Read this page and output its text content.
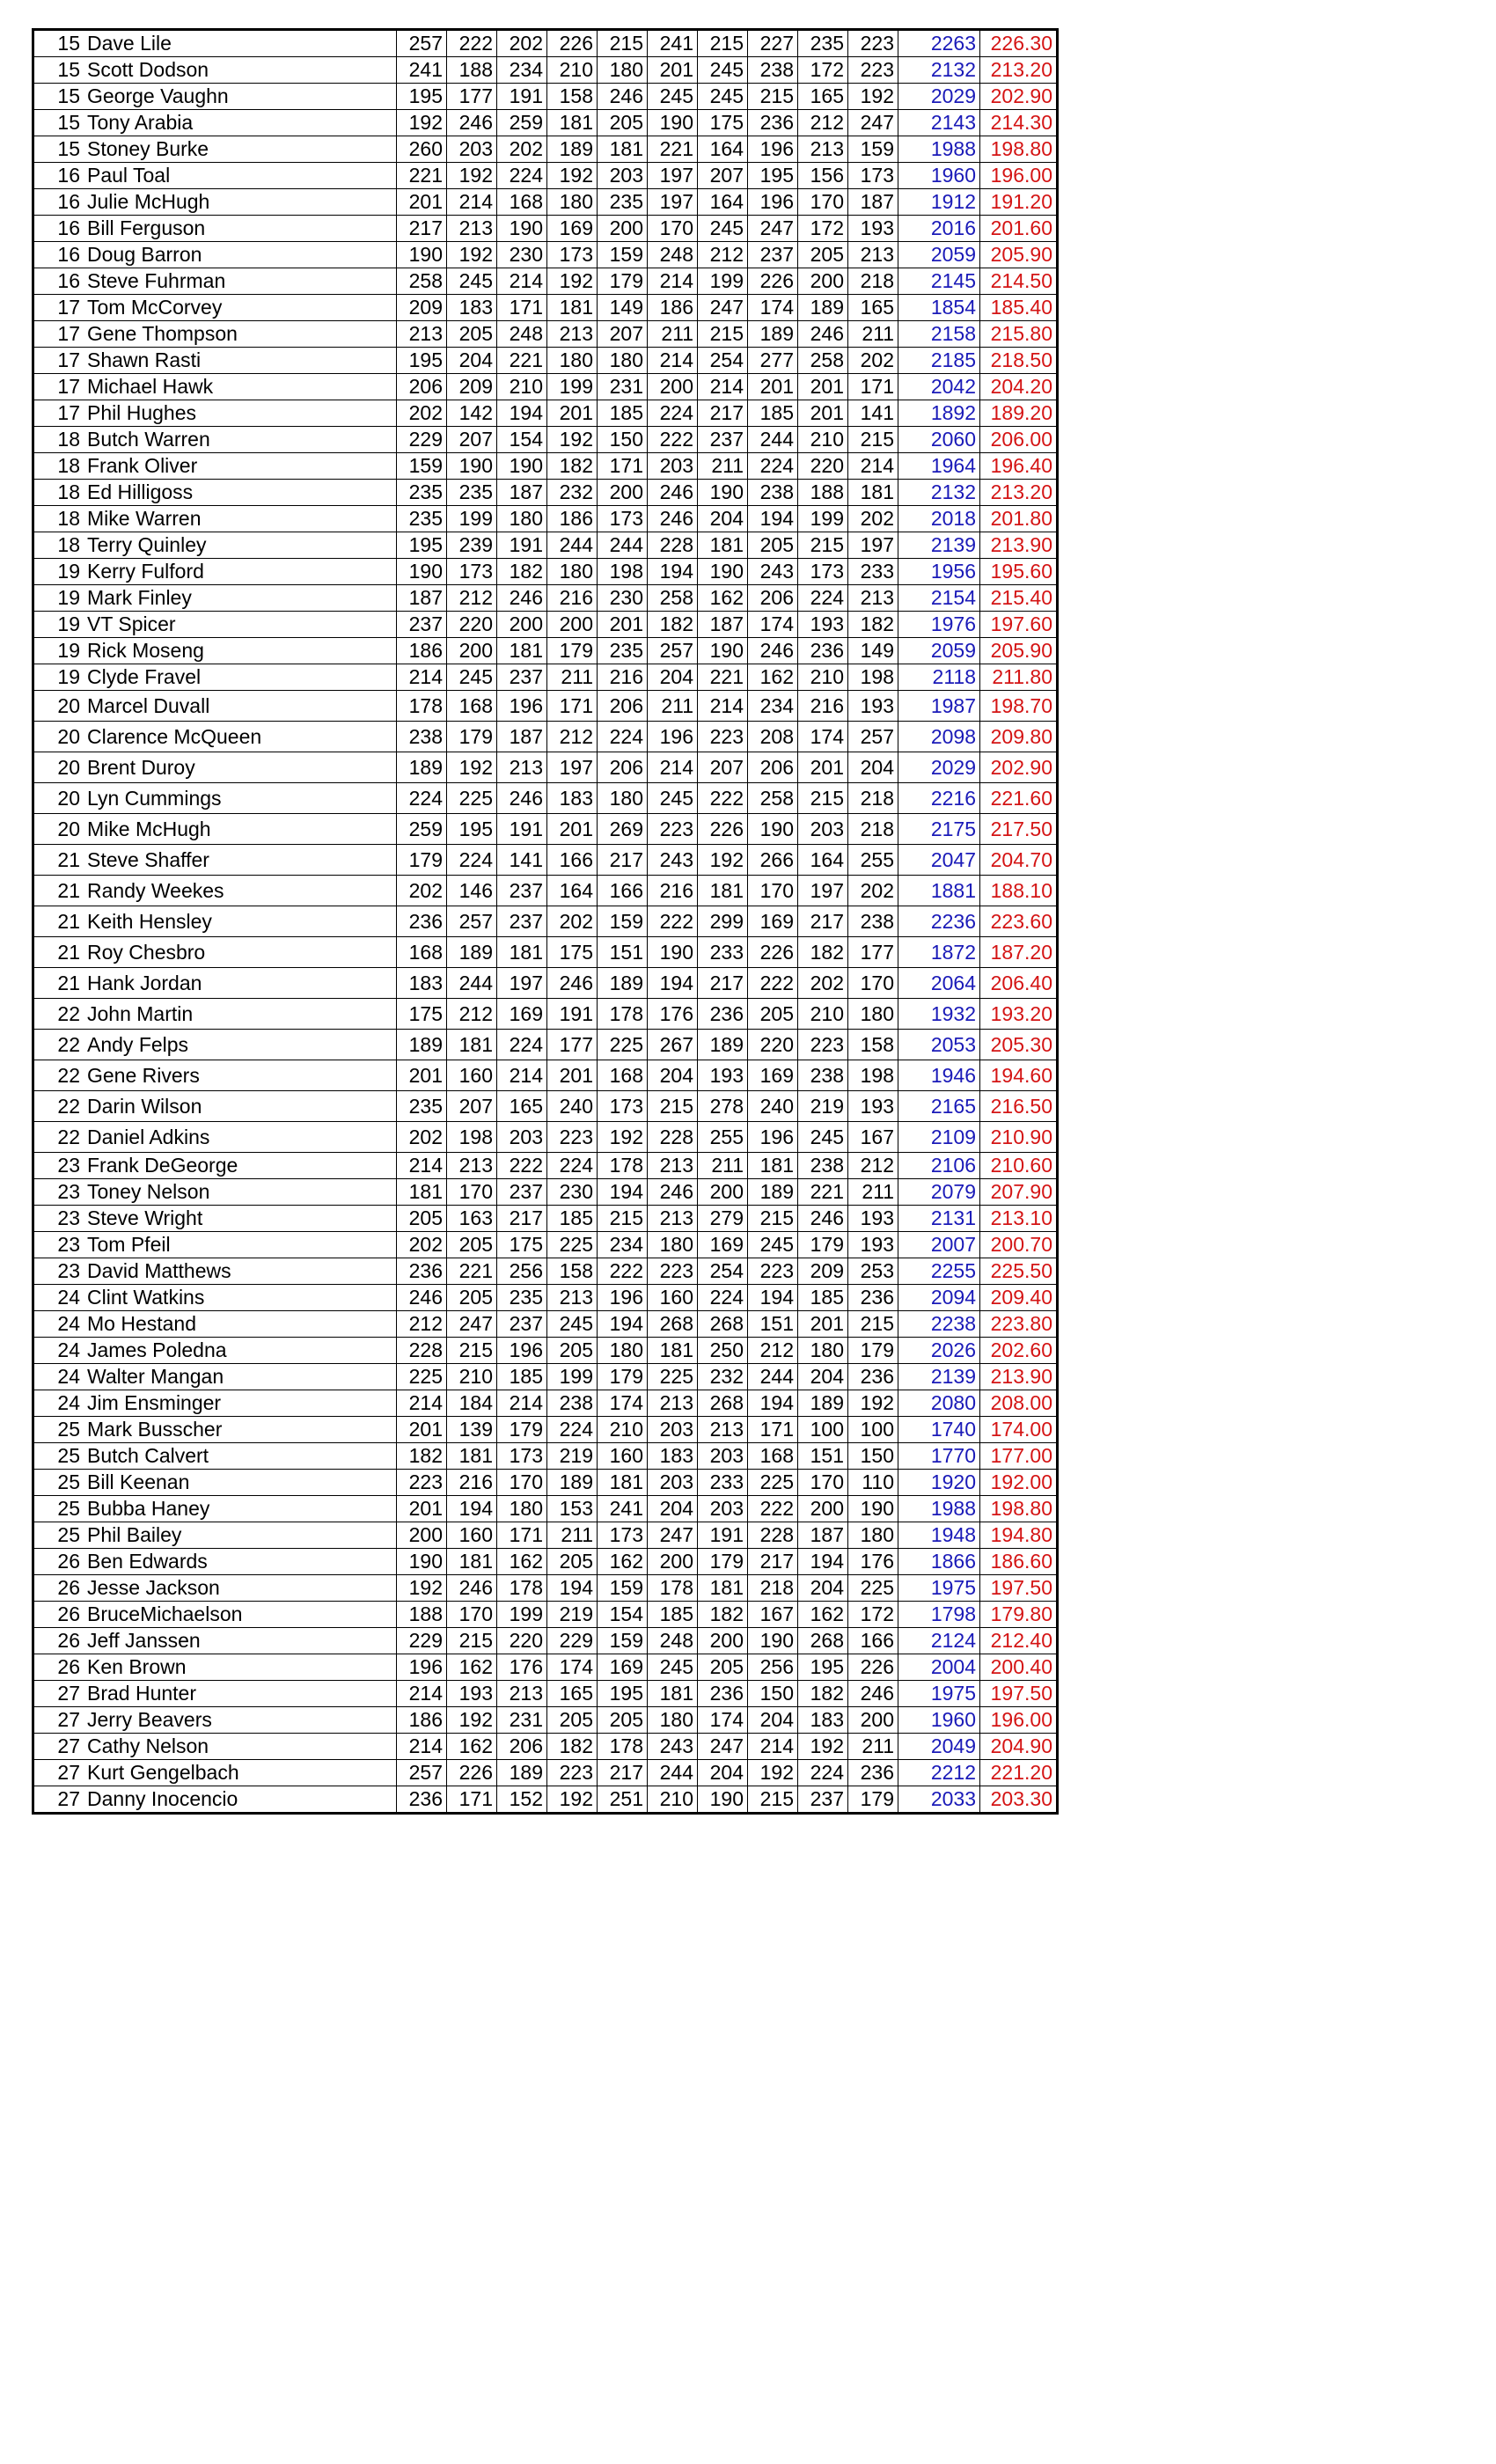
15	Dave Lile	257	222	202	226	215	241	215	227	235	223	2263	226.30
15	Scott Dodson	241	188	234	210	180	201	245	238	172	223	2132	213.20
15	George Vaughn	195	177	191	158	246	245	245	215	165	192	2029	202.90
15	Tony Arabia	192	246	259	181	205	190	175	236	212	247	2143	214.30
15	Stoney Burke	260	203	202	189	181	221	164	196	213	159	1988	198.80
16	Paul Toal	221	192	224	192	203	197	207	195	156	173	1960	196.00
16	Julie McHugh	201	214	168	180	235	197	164	196	170	187	1912	191.20
16	Bill Ferguson	217	213	190	169	200	170	245	247	172	193	2016	201.60
16	Doug Barron	190	192	230	173	159	248	212	237	205	213	2059	205.90
16	Steve Fuhrman	258	245	214	192	179	214	199	226	200	218	2145	214.50
17	Tom McCorvey	209	183	171	181	149	186	247	174	189	165	1854	185.40
17	Gene Thompson	213	205	248	213	207	211	215	189	246	211	2158	215.80
17	Shawn Rasti	195	204	221	180	180	214	254	277	258	202	2185	218.50
17	Michael Hawk	206	209	210	199	231	200	214	201	201	171	2042	204.20
17	Phil Hughes	202	142	194	201	185	224	217	185	201	141	1892	189.20
18	Butch Warren	229	207	154	192	150	222	237	244	210	215	2060	206.00
18	Frank Oliver	159	190	190	182	171	203	211	224	220	214	1964	196.40
18	Ed Hilligoss	235	235	187	232	200	246	190	238	188	181	2132	213.20
18	Mike Warren	235	199	180	186	173	246	204	194	199	202	2018	201.80
18	Terry Quinley	195	239	191	244	244	228	181	205	215	197	2139	213.90
19	Kerry Fulford	190	173	182	180	198	194	190	243	173	233	1956	195.60
19	Mark Finley	187	212	246	216	230	258	162	206	224	213	2154	215.40
19	VT Spicer	237	220	200	200	201	182	187	174	193	182	1976	197.60
19	Rick Moseng	186	200	181	179	235	257	190	246	236	149	2059	205.90
19	Clyde Fravel	214	245	237	211	216	204	221	162	210	198	2118	211.80
20	Marcel Duvall	178	168	196	171	206	211	214	234	216	193	1987	198.70
20	Clarence McQueen	238	179	187	212	224	196	223	208	174	257	2098	209.80
20	Brent Duroy	189	192	213	197	206	214	207	206	201	204	2029	202.90
20	Lyn Cummings	224	225	246	183	180	245	222	258	215	218	2216	221.60
20	Mike McHugh	259	195	191	201	269	223	226	190	203	218	2175	217.50
21	Steve Shaffer	179	224	141	166	217	243	192	266	164	255	2047	204.70
21	Randy Weekes	202	146	237	164	166	216	181	170	197	202	1881	188.10
21	Keith Hensley	236	257	237	202	159	222	299	169	217	238	2236	223.60
21	Roy Chesbro	168	189	181	175	151	190	233	226	182	177	1872	187.20
21	Hank Jordan	183	244	197	246	189	194	217	222	202	170	2064	206.40
22	John Martin	175	212	169	191	178	176	236	205	210	180	1932	193.20
22	Andy Felps	189	181	224	177	225	267	189	220	223	158	2053	205.30
22	Gene Rivers	201	160	214	201	168	204	193	169	238	198	1946	194.60
22	Darin Wilson	235	207	165	240	173	215	278	240	219	193	2165	216.50
22	Daniel Adkins	202	198	203	223	192	228	255	196	245	167	2109	210.90
23	Frank DeGeorge	214	213	222	224	178	213	211	181	238	212	2106	210.60
23	Toney Nelson	181	170	237	230	194	246	200	189	221	211	2079	207.90
23	Steve Wright	205	163	217	185	215	213	279	215	246	193	2131	213.10
23	Tom Pfeil	202	205	175	225	234	180	169	245	179	193	2007	200.70
23	David Matthews	236	221	256	158	222	223	254	223	209	253	2255	225.50
24	Clint Watkins	246	205	235	213	196	160	224	194	185	236	2094	209.40
24	Mo Hestand	212	247	237	245	194	268	268	151	201	215	2238	223.80
24	James Poledna	228	215	196	205	180	181	250	212	180	179	2026	202.60
24	Walter Mangan	225	210	185	199	179	225	232	244	204	236	2139	213.90
24	Jim Ensminger	214	184	214	238	174	213	268	194	189	192	2080	208.00
25	Mark Busscher	201	139	179	224	210	203	213	171	100	100	1740	174.00
25	Butch Calvert	182	181	173	219	160	183	203	168	151	150	1770	177.00
25	Bill Keenan	223	216	170	189	181	203	233	225	170	110	1920	192.00
25	Bubba Haney	201	194	180	153	241	204	203	222	200	190	1988	198.80
25	Phil Bailey	200	160	171	211	173	247	191	228	187	180	1948	194.80
26	Ben Edwards	190	181	162	205	162	200	179	217	194	176	1866	186.60
26	Jesse Jackson	192	246	178	194	159	178	181	218	204	225	1975	197.50
26	BruceMichaelson	188	170	199	219	154	185	182	167	162	172	1798	179.80
26	Jeff Janssen	229	215	220	229	159	248	200	190	268	166	2124	212.40
26	Ken Brown	196	162	176	174	169	245	205	256	195	226	2004	200.40
27	Brad Hunter	214	193	213	165	195	181	236	150	182	246	1975	197.50
27	Jerry Beavers	186	192	231	205	205	180	174	204	183	200	1960	196.00
27	Cathy Nelson	214	162	206	182	178	243	247	214	192	211	2049	204.90
27	Kurt Gengelbach	257	226	189	223	217	244	204	192	224	236	2212	221.20
27	Danny Inocencio	236	171	152	192	251	210	190	215	237	179	2033	203.30
